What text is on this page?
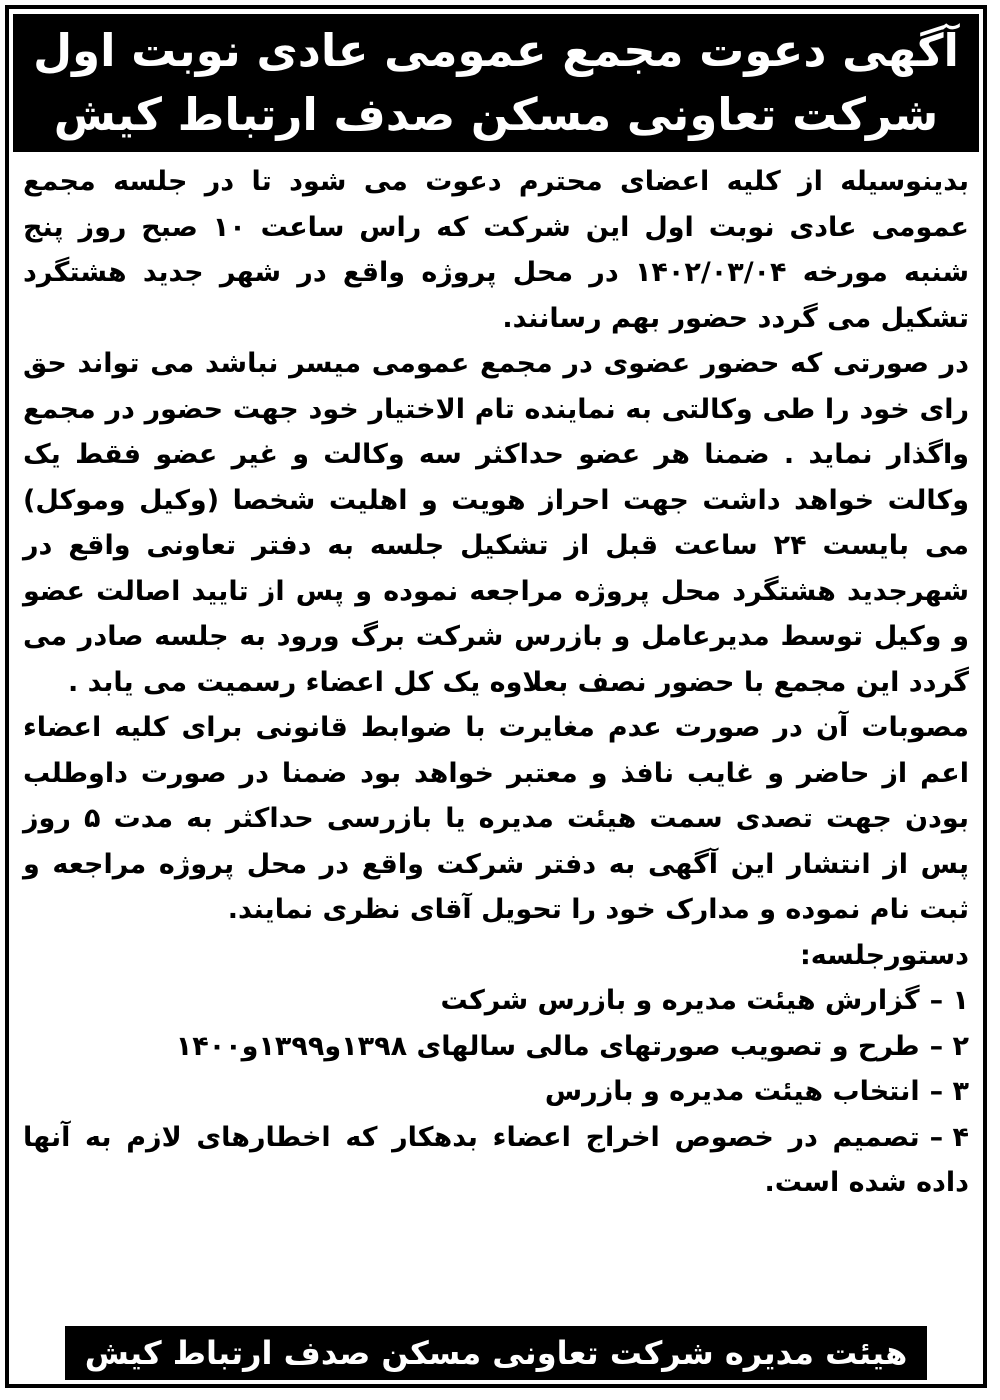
آگهی دعوت مجمع عمومی عادی نوبت اول
شرکت تعاونی مسکن صدف ارتباط کیش

بدینوسیله از کلیه اعضای محترم دعوت می شود تا در جلسه مجمع عمومی عادی نوبت اول این شرکت که راس ساعت ۱۰ صبح روز پنج شنبه مورخه ۱۴۰۲/۰۳/۰۴ در محل پروژه واقع در شهر جدید هشتگرد تشکیل می گردد حضور بهم رسانند.

در صورتی که حضور عضوی در مجمع عمومی میسر نباشد می تواند حق رای خود را طی وکالتی به نماینده تام الاختیار خود جهت حضور در مجمع واگذار نماید . ضمنا هر عضو حداکثر سه وکالت و غیر عضو فقط یک وکالت خواهد داشت جهت احراز هویت و اهلیت شخصا (وکیل وموکل) می بایست ۲۴ ساعت قبل از تشکیل جلسه به دفتر تعاونی واقع در شهرجدید هشتگرد محل پروژه مراجعه نموده و پس از تایید اصالت عضو و وکیل توسط مدیرعامل و بازرس شرکت برگ ورود به جلسه صادر می گردد این مجمع با حضور نصف بعلاوه یک کل اعضاء رسمیت می یابد .

مصوبات آن در صورت عدم مغایرت با ضوابط قانونی برای کلیه اعضاء اعم از حاضر و غایب نافذ و معتبر خواهد بود ضمنا در صورت داوطلب بودن جهت تصدی سمت هیئت مدیره یا بازرسی حداکثر به مدت ۵ روز پس از انتشار این آگهی به دفتر شرکت واقع در محل پروژه مراجعه و ثبت نام نموده و مدارک خود را تحویل آقای نظری نمایند.

دستورجلسه:

۱ –گزارش هیئت مدیره و بازرس شرکت
۲ –طرح و تصویب صورتهای مالی سالهای ۱۳۹۸و۱۳۹۹و۱۴۰۰
۳ –انتخاب هیئت مدیره و بازرس
۴ –تصمیم در خصوص اخراج اعضاء بدهکار که اخطارهای لازم به آنها داده شده است.
هیئت مدیره شرکت تعاونی مسکن صدف ارتباط کیش
